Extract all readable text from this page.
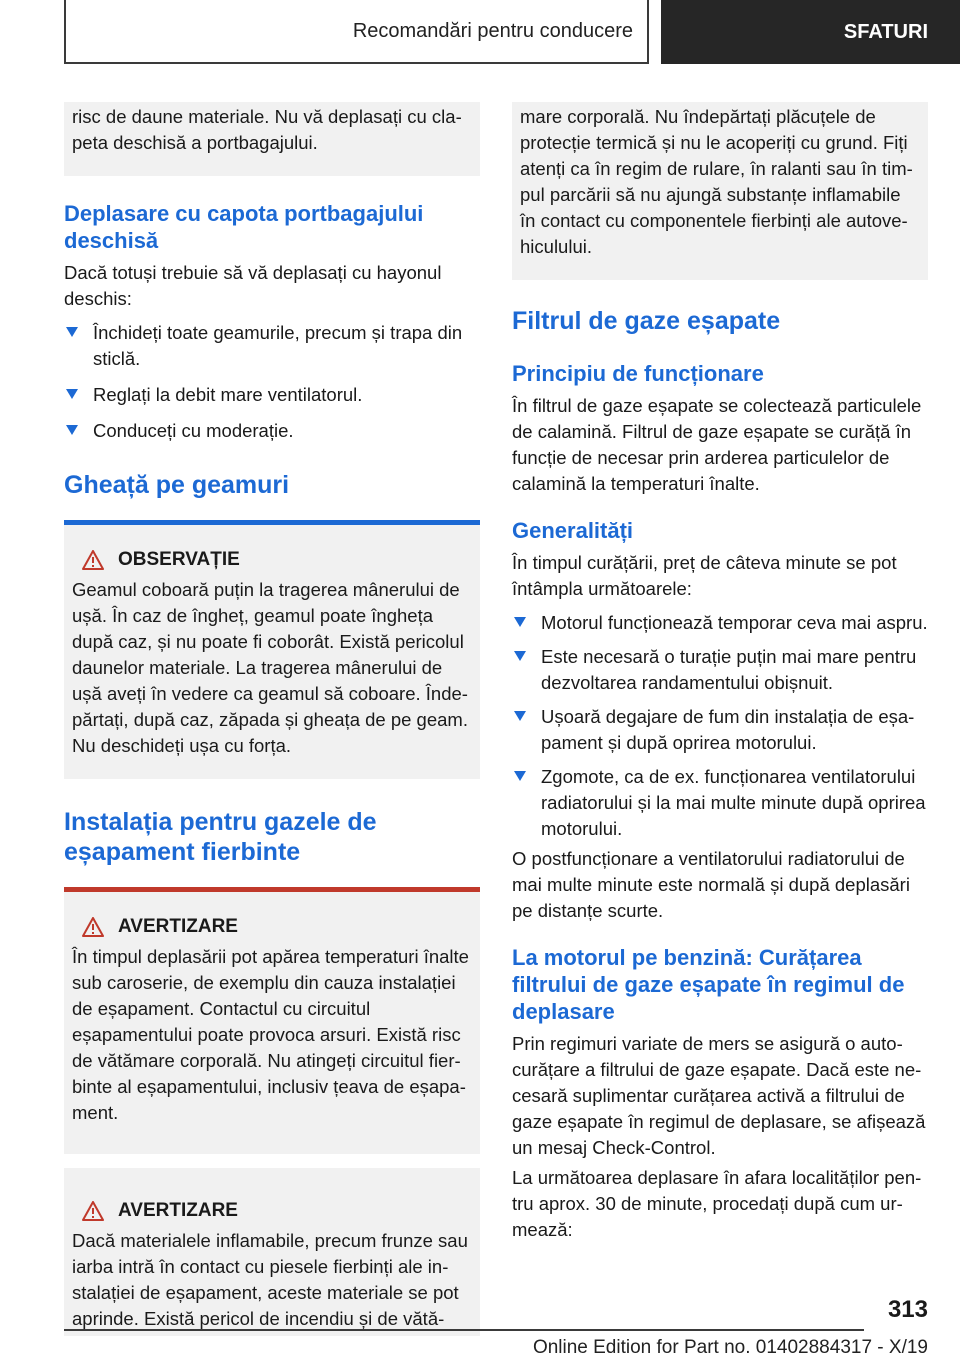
Recomandări pentru conducere	SFATURI

risc de daune materiale. Nu vă deplasați cu clapeta deschisă a portbagajului.

Deplasare cu capota portbagajului deschisă

Dacă totuși trebuie să vă deplasați cu hayonul deschis:

Închideți toate geamurile, precum și trapa din sticlă.
Reglați la debit mare ventilatorul.
Conduceți cu moderație.
Gheață pe geamuri
OBSERVAȚIE

Geamul coboară puțin la tragerea mânerului de ușă. În caz de îngheț, geamul poate îngheța după caz, și nu poate fi coborât. Există pericolul daunelor materiale. La tragerea mânerului de ușă aveți în vedere ca geamul să coboare. Îndepărtați, după caz, zăpada și gheața de pe geam. Nu deschideți ușa cu forța.

Instalația pentru gazele de eșapament fierbinte
AVERTIZARE

În timpul deplasării pot apărea temperaturi înalte sub caroserie, de exemplu din cauza instalației de eșapament. Contactul cu circuitul eșapamentului poate provoca arsuri. Există risc de vătămare corporală. Nu atingeți circuitul fierbinte al eșapamentului, inclusiv țeava de eșapament.

AVERTIZARE

Dacă materialele inflamabile, precum frunze sau iarba intră în contact cu piesele fierbinți ale instalației de eșapament, aceste materiale se pot aprinde. Există pericol de incendiu și de vătă-

mare corporală. Nu îndepărtați plăcuțele de protecție termică și nu le acoperiți cu grund. Fiți atenți ca în regim de rulare, în ralanti sau în timpul parcării să nu ajungă substanțe inflamabile în contact cu componentele fierbinți ale autovehiculului.

Filtrul de gaze eșapate
Principiu de funcționare

În filtrul de gaze eșapate se colectează particulele de calamină. Filtrul de gaze eșapate se curăță în funcție de necesar prin arderea particulelor de calamină la temperaturi înalte.

Generalități

În timpul curățării, preț de câteva minute se pot întâmpla următoarele:

Motorul funcționează temporar ceva mai aspru.
Este necesară o turație puțin mai mare pentru dezvoltarea randamentului obișnuit.
Ușoară degajare de fum din instalația de eșapament și după oprirea motorului.
Zgomote, ca de ex. funcționarea ventilatorului radiatorului și la mai multe minute după oprirea motorului.

O postfuncționare a ventilatorului radiatorului de mai multe minute este normală și după deplasări pe distanțe scurte.

La motorul pe benzină: Curățarea filtrului de gaze eșapate în regimul de deplasare

Prin regimuri variate de mers se asigură o autocurățare a filtrului de gaze eșapate. Dacă este necesară suplimentar curățarea activă a filtrului de gaze eșapate în regimul de deplasare, se afișează un mesaj Check-Control.

La următoarea deplasare în afara localităților pentru aprox. 30 de minute, procedați după cum urmează:

313
Online Edition for Part no. 01402884317 - X/19
